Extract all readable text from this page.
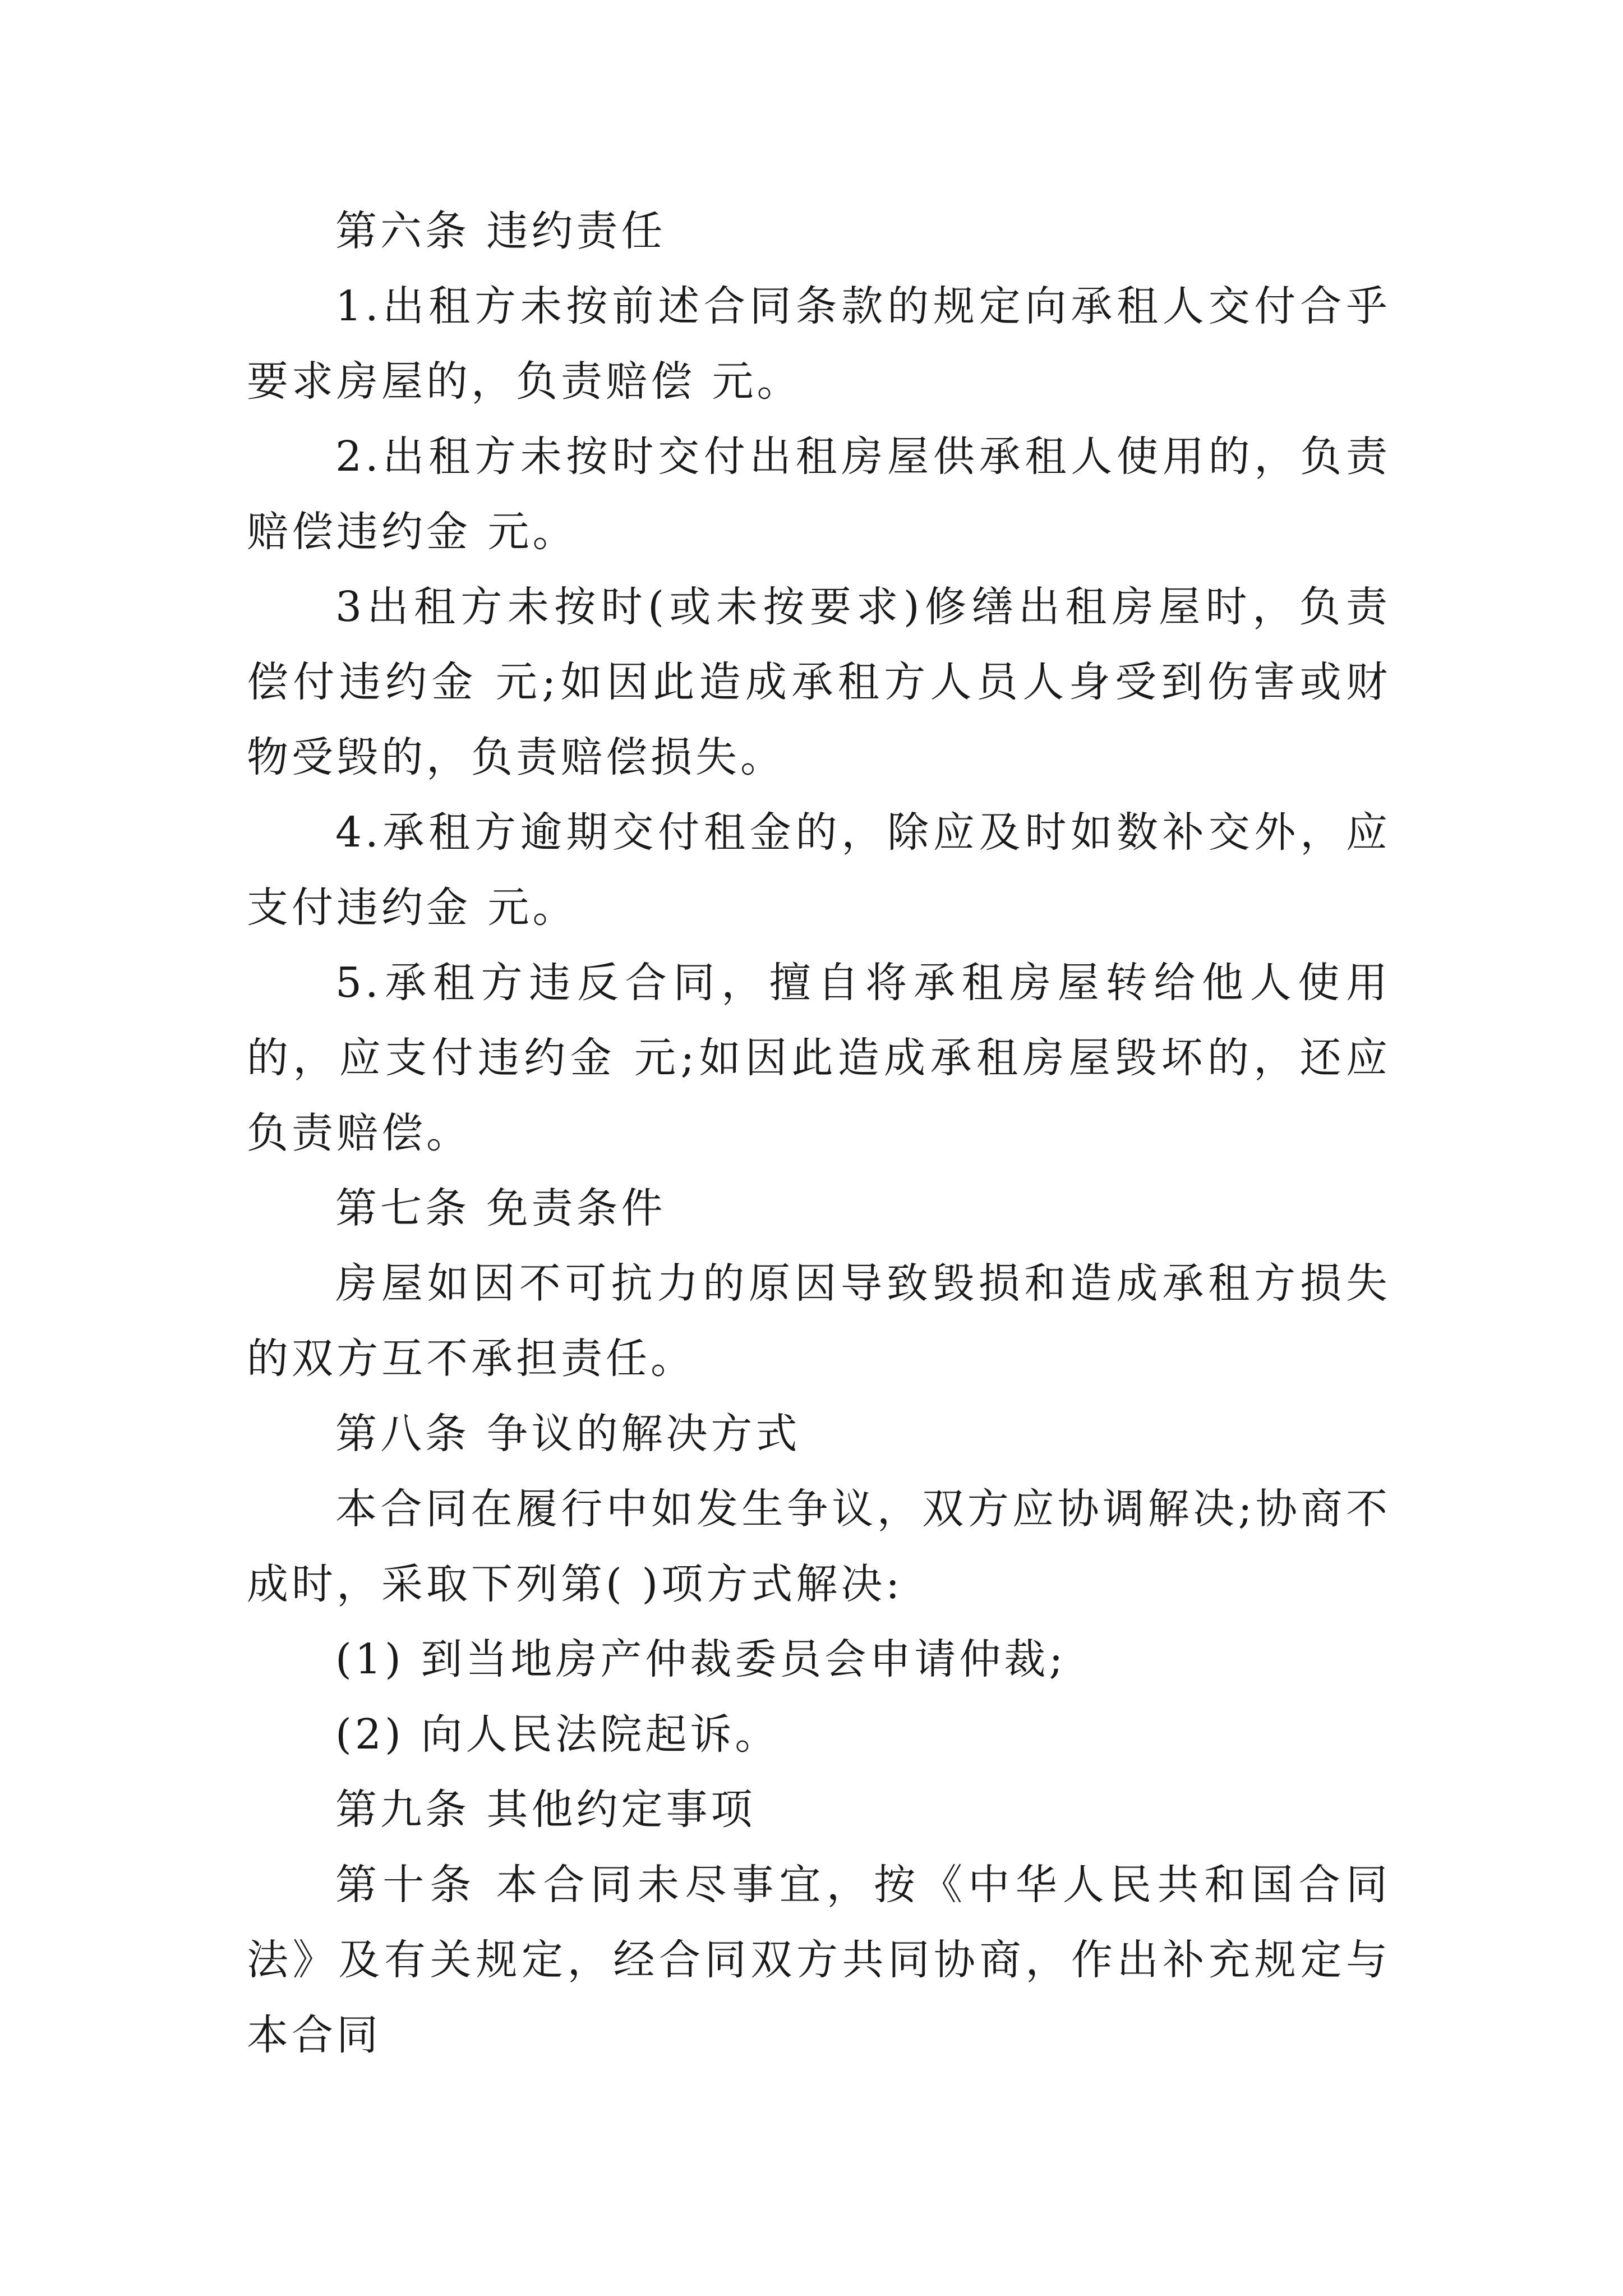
第六条 违约责任

1.出租方未按前述合同条款的规定向承租人交付合乎要求房屋的，负责赔偿 元。

2.出租方未按时交付出租房屋供承租人使用的，负责赔偿违约金 元。

3出租方未按时(或未按要求)修缮出租房屋时，负责偿付违约金 元;如因此造成承租方人员人身受到伤害或财物受毁的，负责赔偿损失。

4.承租方逾期交付租金的，除应及时如数补交外，应支付违约金 元。

5.承租方违反合同，擅自将承租房屋转给他人使用的，应支付违约金 元;如因此造成承租房屋毁坏的，还应负责赔偿。

第七条 免责条件

房屋如因不可抗力的原因导致毁损和造成承租方损失的双方互不承担责任。

第八条 争议的解决方式

本合同在履行中如发生争议，双方应协调解决;协商不成时，采取下列第( )项方式解决:

(1) 到当地房产仲裁委员会申请仲裁;

(2) 向人民法院起诉。

第九条 其他约定事项

第十条 本合同未尽事宜，按《中华人民共和国合同法》及有关规定，经合同双方共同协商，作出补充规定与本合同
